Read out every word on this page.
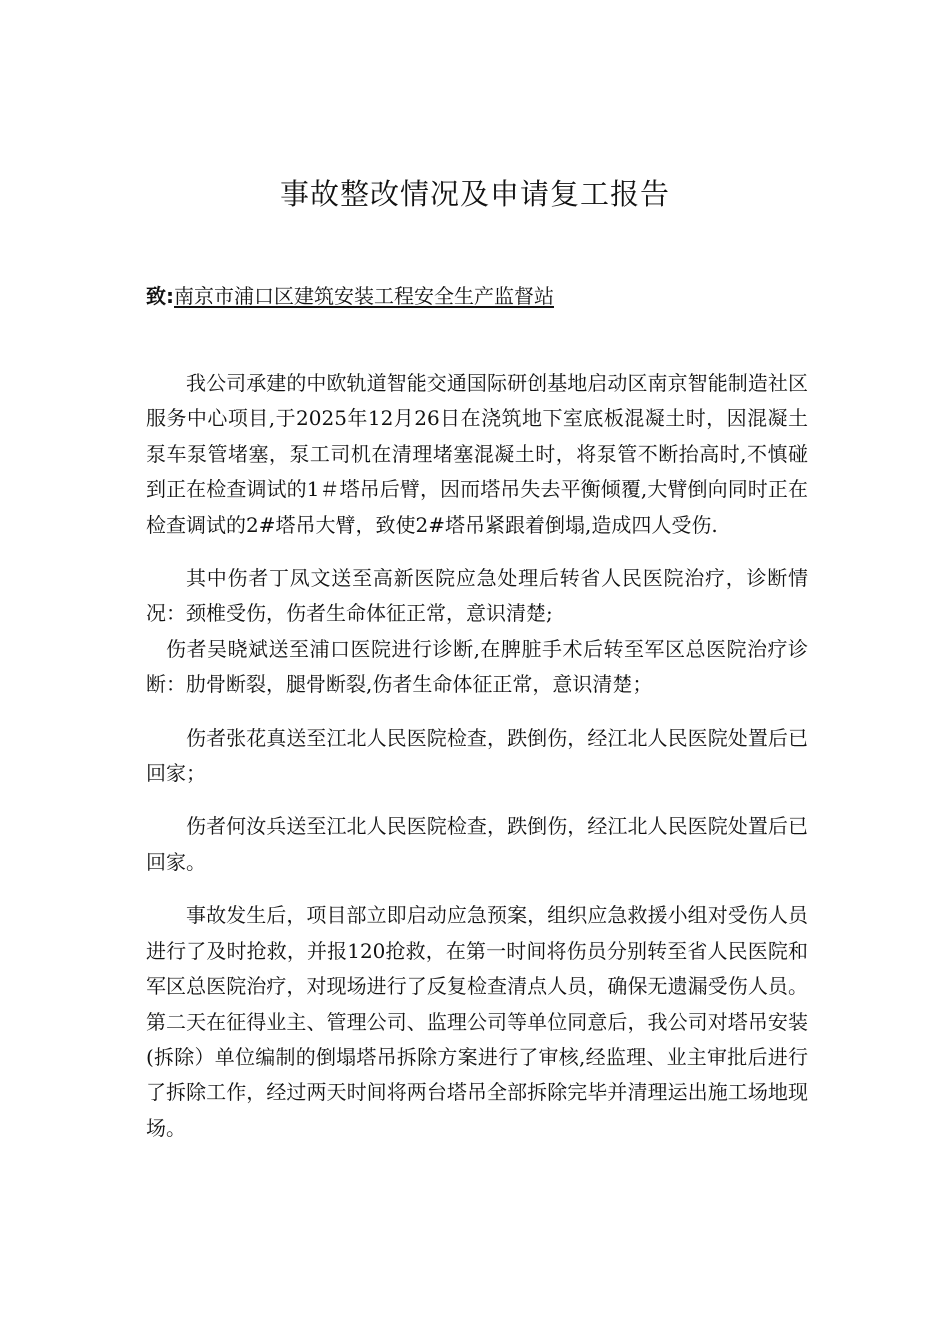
事故整改情况及申请复工报告
致:南京市浦口区建筑安装工程安全生产监督站

我公司承建的中欧轨道智能交通国际研创基地启动区南京智能制造社区服务中心项目,于2025年12月26日在浇筑地下室底板混凝土时，因混凝土泵车泵管堵塞，泵工司机在清理堵塞混凝土时，将泵管不断抬高时,不慎碰到正在检查调试的1＃塔吊后臂，因而塔吊失去平衡倾覆,大臂倒向同时正在检查调试的2#塔吊大臂，致使2#塔吊紧跟着倒塌,造成四人受伤.

其中伤者丁凤文送至高新医院应急处理后转省人民医院治疗，诊断情况：颈椎受伤，伤者生命体征正常，意识清楚;

伤者吴晓斌送至浦口医院进行诊断,在脾脏手术后转至军区总医院治疗诊断：肋骨断裂，腿骨断裂,伤者生命体征正常，意识清楚；

伤者张花真送至江北人民医院检查，跌倒伤，经江北人民医院处置后已回家；

伤者何汝兵送至江北人民医院检查，跌倒伤，经江北人民医院处置后已回家。

事故发生后，项目部立即启动应急预案，组织应急救援小组对受伤人员进行了及时抢救，并报120抢救，在第一时间将伤员分别转至省人民医院和军区总医院治疗，对现场进行了反复检查清点人员，确保无遗漏受伤人员。第二天在征得业主、管理公司、监理公司等单位同意后，我公司对塔吊安装(拆除）单位编制的倒塌塔吊拆除方案进行了审核,经监理、业主审批后进行了拆除工作，经过两天时间将两台塔吊全部拆除完毕并清理运出施工场地现场。
